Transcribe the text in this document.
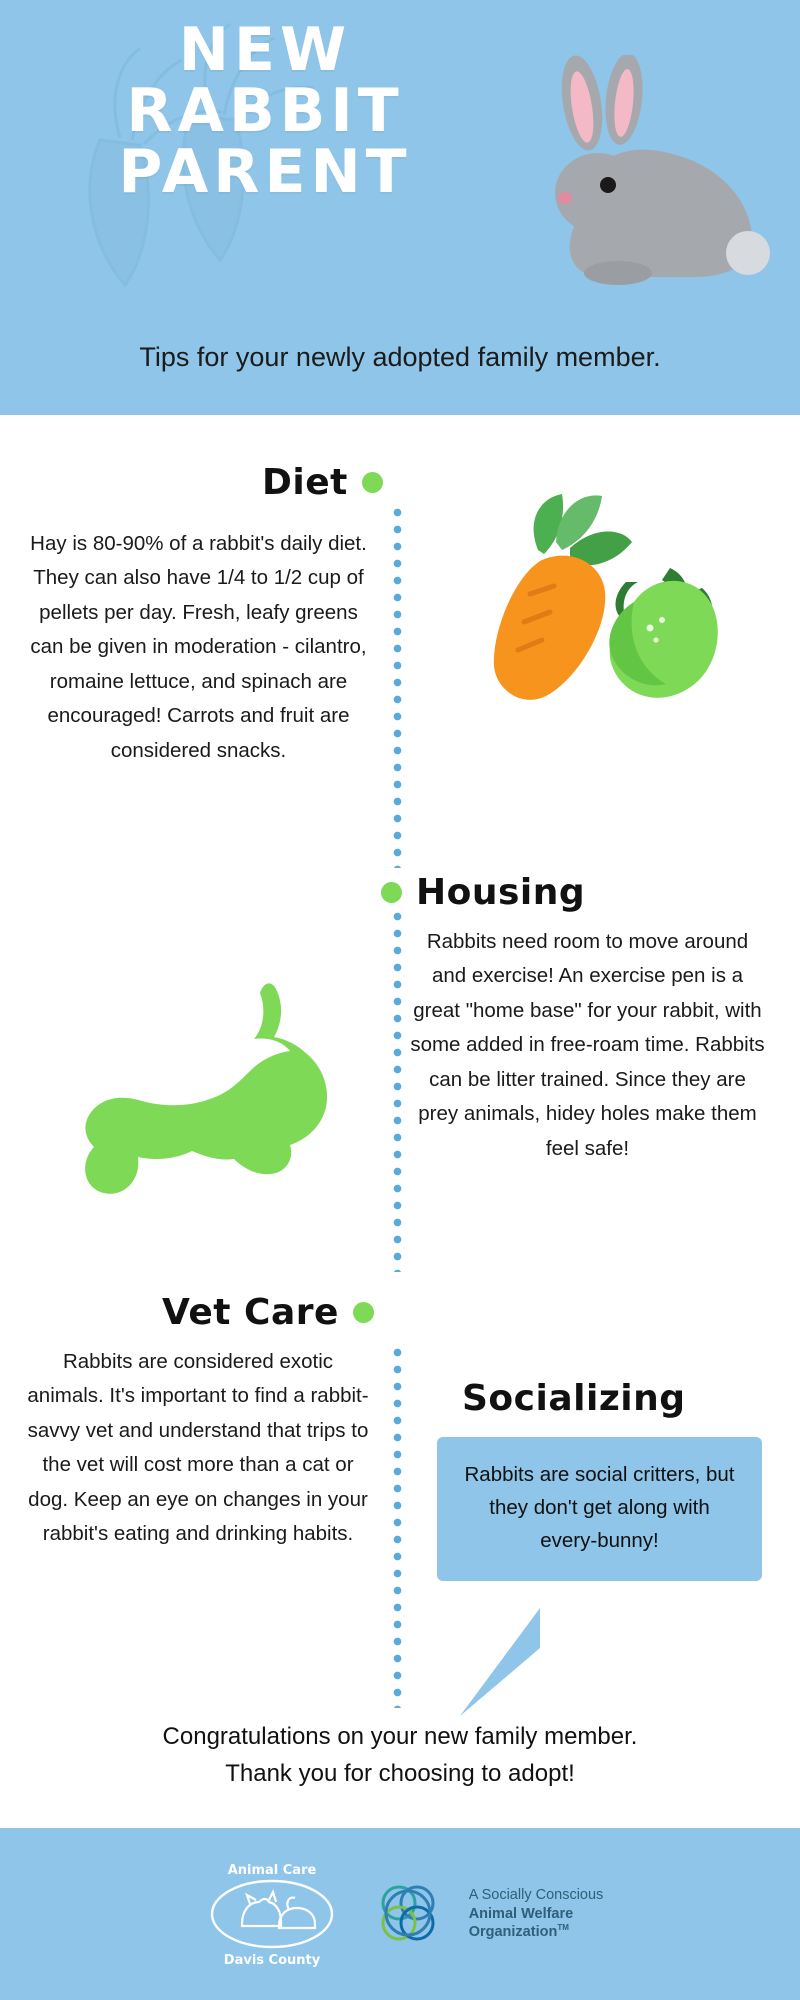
NEW
RABBIT
PARENT
Tips for your newly adopted family member.
Diet
Hay is 80-90% of a rabbit's daily diet. They can also have 1/4 to 1/2 cup of pellets per day. Fresh, leafy greens can be given in moderation - cilantro, romaine lettuce, and spinach are encouraged! Carrots and fruit are considered snacks.
Housing
Rabbits need room to move around and exercise! An exercise pen is a great "home base" for your rabbit, with some added in free-roam time. Rabbits can be litter trained. Since they are prey animals, hidey holes make them feel safe!
Vet Care
Rabbits are considered exotic animals. It's important to find a rabbit-savvy vet and understand that trips to the vet will cost more than a cat or dog. Keep an eye on changes in your rabbit's eating and drinking habits.
Socializing
Rabbits are social critters, but they don't get along with every-bunny!
Congratulations on your new family member.
Thank you for choosing to adopt!
Animal Care
Davis County
A Socially Conscious
Animal Welfare
Organization™
